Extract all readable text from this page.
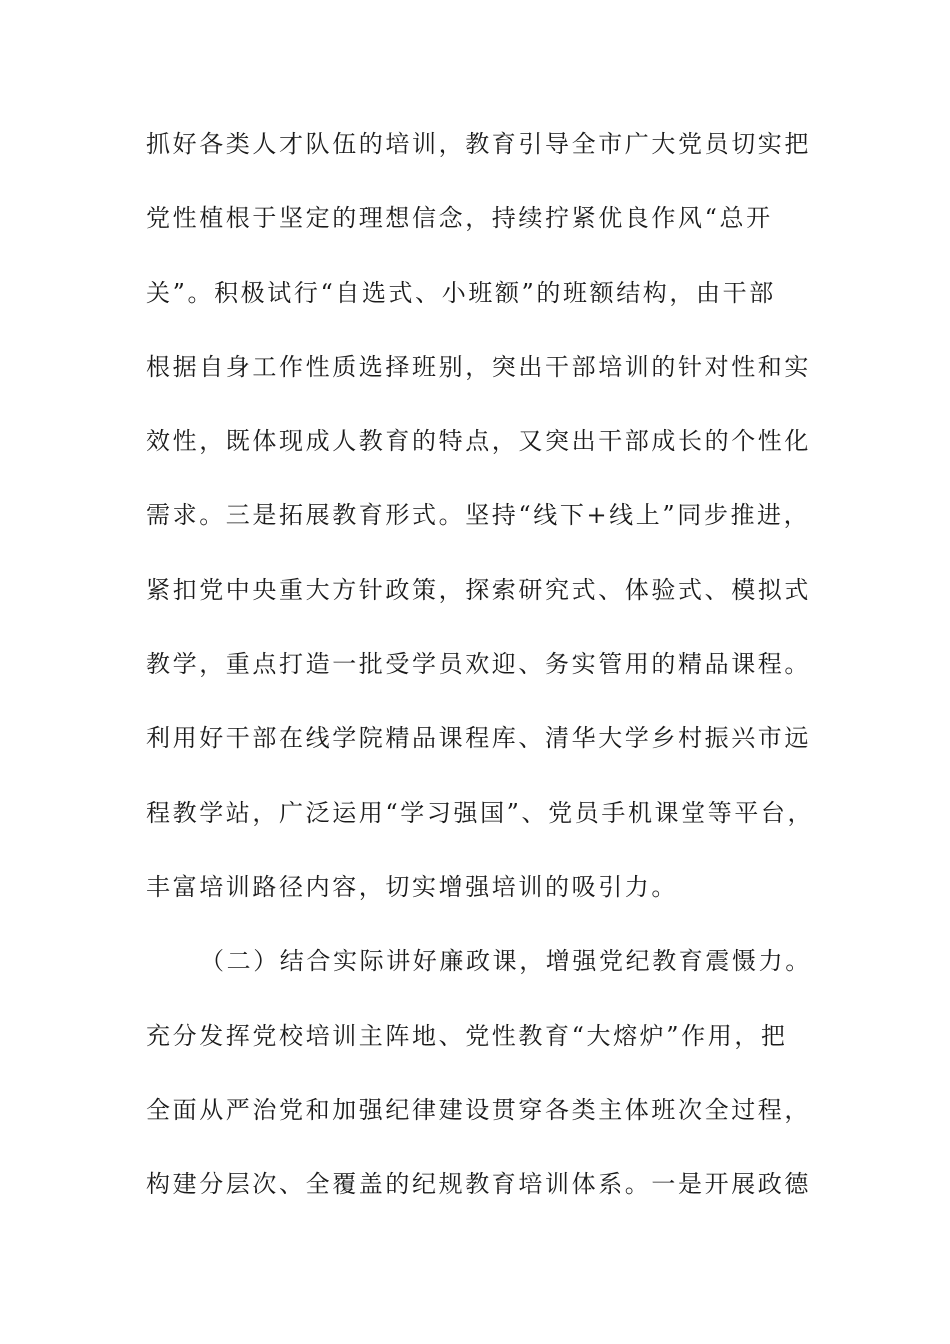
抓好各类人才队伍的培训，教育引导全市广大党员切实把
党性植根于坚定的理想信念，持续拧紧优良作风“总开
关”。积极试行“自选式、小班额”的班额结构，由干部
根据自身工作性质选择班别，突出干部培训的针对性和实
效性，既体现成人教育的特点，又突出干部成长的个性化
需求。三是拓展教育形式。坚持“线下+线上”同步推进，
紧扣党中央重大方针政策，探索研究式、体验式、模拟式
教学，重点打造一批受学员欢迎、务实管用的精品课程。
利用好干部在线学院精品课程库、清华大学乡村振兴市远
程教学站，广泛运用“学习强国”、党员手机课堂等平台，
丰富培训路径内容，切实增强培训的吸引力。
（二）结合实际讲好廉政课，增强党纪教育震慑力。
充分发挥党校培训主阵地、党性教育“大熔炉”作用，把
全面从严治党和加强纪律建设贯穿各类主体班次全过程，
构建分层次、全覆盖的纪规教育培训体系。一是开展政德
